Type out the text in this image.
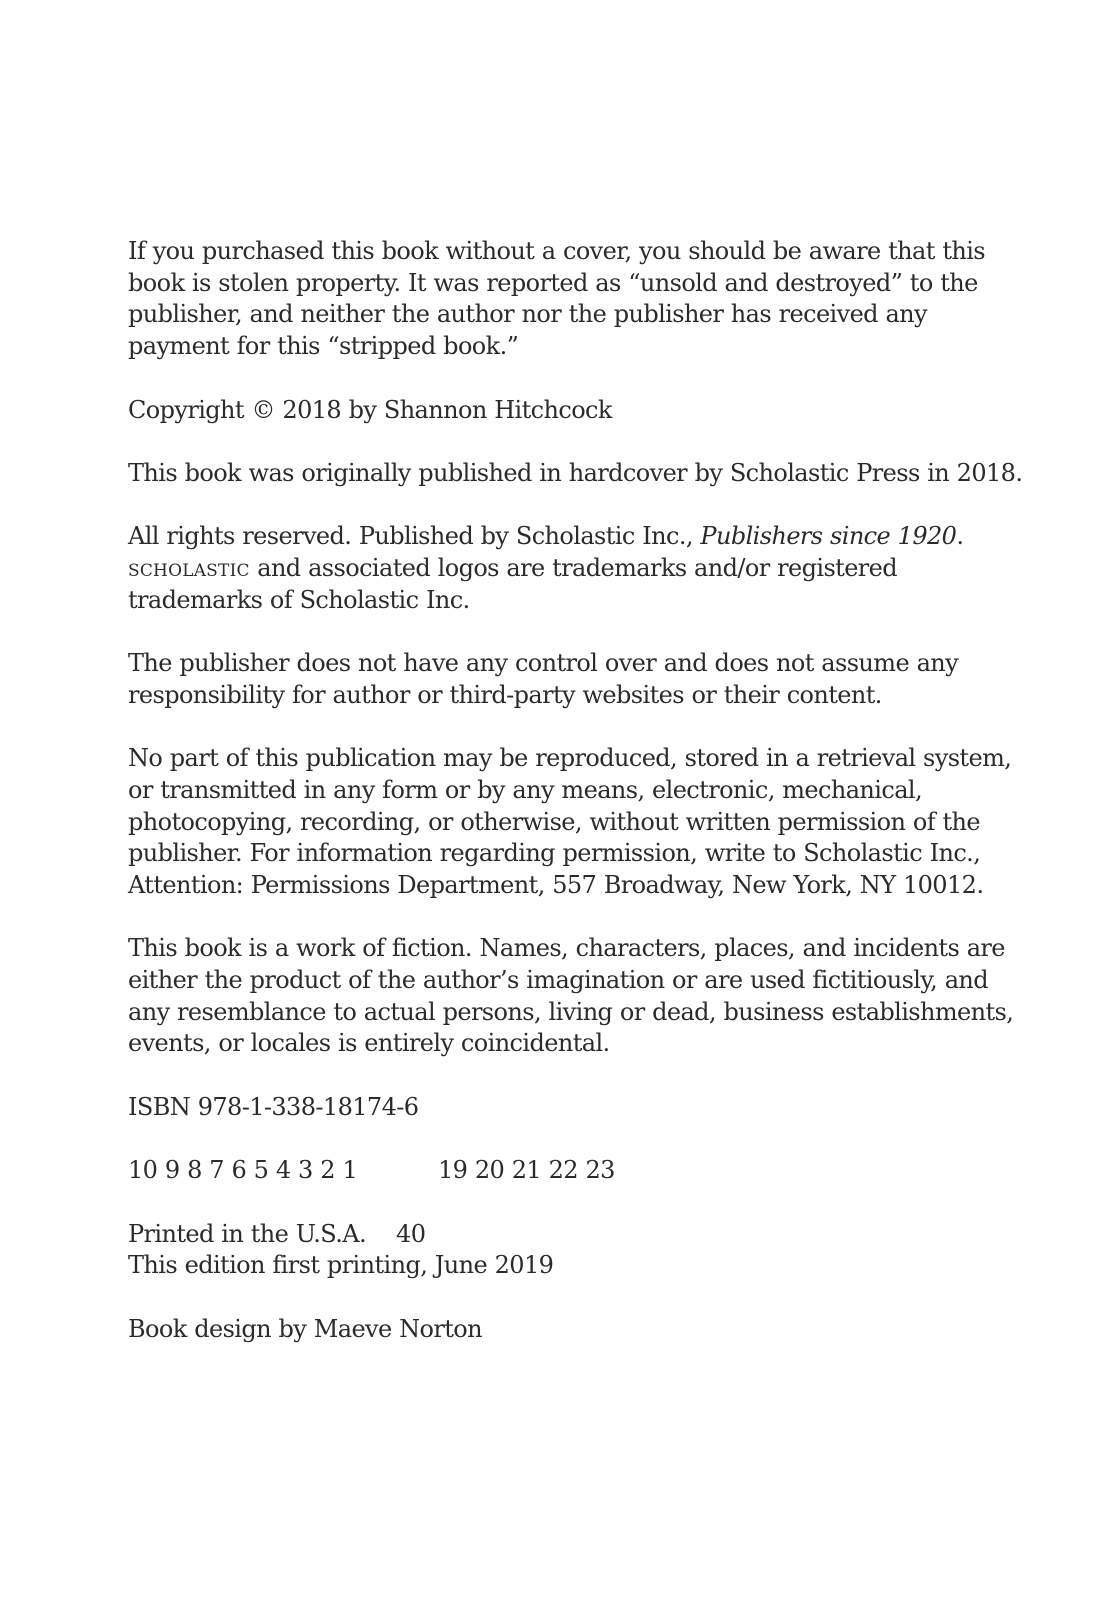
If you purchased this book without a cover, you should be aware that this
book is stolen property. It was reported as “unsold and destroyed” to the
publisher, and neither the author nor the publisher has received any
payment for this “stripped book.”

Copyright © 2018 by Shannon Hitchcock

This book was originally published in hardcover by Scholastic Press in 2018.

All rights reserved. Published by Scholastic Inc., Publishers since 1920.
scholastic and associated logos are trademarks and/or registered
trademarks of Scholastic Inc.

The publisher does not have any control over and does not assume any
responsibility for author or third-party websites or their content.

No part of this publication may be reproduced, stored in a retrieval system,
or transmitted in any form or by any means, electronic, mechanical,
photocopying, recording, or otherwise, without written permission of the
publisher. For information regarding permission, write to Scholastic Inc.,
Attention: Permissions Department, 557 Broadway, New York, NY 10012.

This book is a work of fiction. Names, characters, places, and incidents are
either the product of the author’s imagination or are used fictitiously, and
any resemblance to actual persons, living or dead, business establishments,
events, or locales is entirely coincidental.

ISBN 978-1-338-18174-6

10 9 8 7 6 5 4 3 2 1	19 20 21 22 23

Printed in the U.S.A. 40
This edition first printing, June 2019

Book design by Maeve Norton
